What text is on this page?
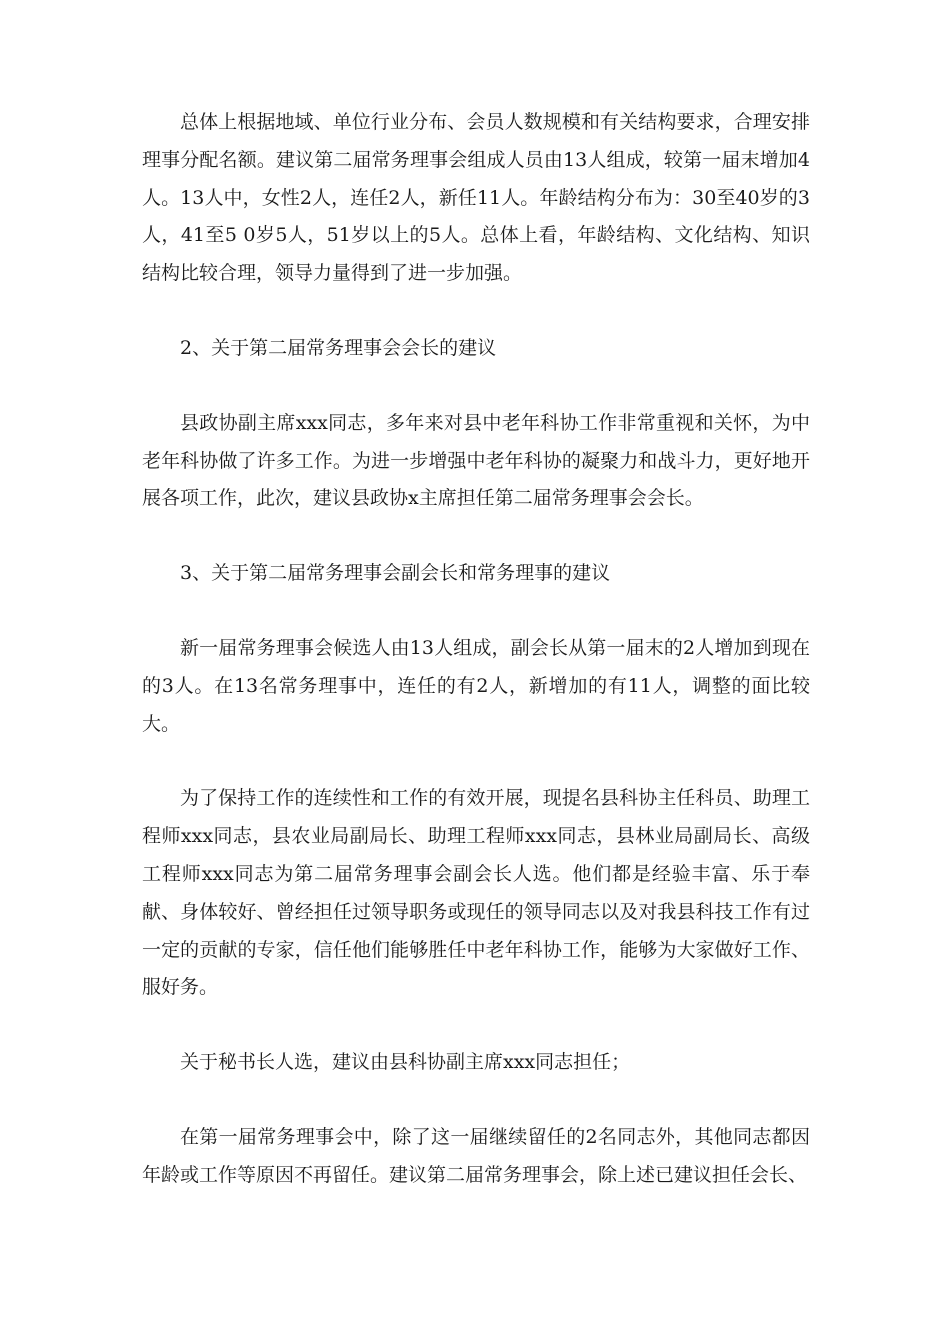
总体上根据地域、单位行业分布、会员人数规模和有关结构要求，合理安排理事分配名额。建议第二届常务理事会组成人员由13人组成，较第一届末增加4人。13人中，女性2人，连任2人，新任11人。年龄结构分布为：30至40岁的3人，41至5 0岁5人，51岁以上的5人。总体上看，年龄结构、文化结构、知识结构比较合理，领导力量得到了进一步加强。

2、关于第二届常务理事会会长的建议

县政协副主席xxx同志，多年来对县中老年科协工作非常重视和关怀，为中老年科协做了许多工作。为进一步增强中老年科协的凝聚力和战斗力，更好地开展各项工作，此次，建议县政协x主席担任第二届常务理事会会长。

3、关于第二届常务理事会副会长和常务理事的建议

新一届常务理事会候选人由13人组成，副会长从第一届末的2人增加到现在的3人。在13名常务理事中，连任的有2人，新增加的有11人，调整的面比较大。

为了保持工作的连续性和工作的有效开展，现提名县科协主任科员、助理工程师xxx同志，县农业局副局长、助理工程师xxx同志，县林业局副局长、高级工程师xxx同志为第二届常务理事会副会长人选。他们都是经验丰富、乐于奉献、身体较好、曾经担任过领导职务或现任的领导同志以及对我县科技工作有过一定的贡献的专家，信任他们能够胜任中老年科协工作，能够为大家做好工作、服好务。

关于秘书长人选，建议由县科协副主席xxx同志担任；

在第一届常务理事会中，除了这一届继续留任的2名同志外，其他同志都因年龄或工作等原因不再留任。建议第二届常务理事会，除上述已建议担任会长、
